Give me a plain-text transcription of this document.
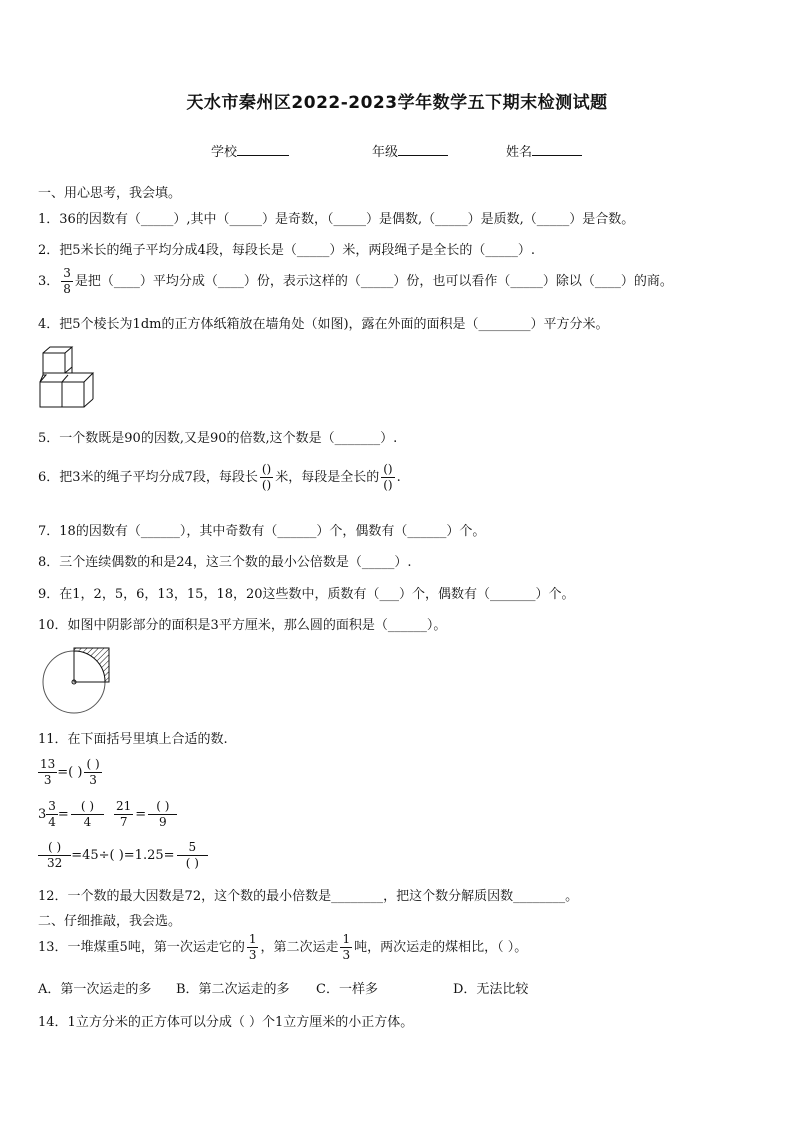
天水市秦州区2022-2023学年数学五下期末检测试题
学校	年级	姓名
一、用心思考，我会填。
1．36的因数有（_____）,其中（_____）是奇数，（_____）是偶数,（_____）是质数,（_____）是合数。
2．把5米长的绳子平均分成4段，每段长是（_____）米，两段绳子是全长的（_____）.
3． $\frac{3}{8}$ 是把（____）平均分成（____）份，表示这样的（_____）份，也可以看作（_____）除以（____）的商。
4．把5个棱长为1dm的正方体纸箱放在墙角处（如图)，露在外面的面积是（________）平方分米。
5．一个数既是90的因数,又是90的倍数,这个数是（_______）.
6．把3米的绳子平均分成7段，每段长 $\frac{()}{()}$ 米，每段是全长的 $\frac{()}{()}$ .
7．18的因数有（______），其中奇数有（______）个，偶数有（______）个。
8．三个连续偶数的和是24，这三个数的最小公倍数是（_____）.
9．在1，2，5，6，13，15，18，20这些数中，质数有（___）个，偶数有（_______）个。
10．如图中阴影部分的面积是3平方厘米，那么圆的面积是（______）。
11．在下面括号里填上合适的数.
$\frac{13}{3}$ =( ) $\frac{( )}{3}$
$3 \frac{3}{4} = \frac{( )}{4} \frac{21}{7} = \frac{( )}{9}$
$\frac{( )}{32} =45\div$( )$=1.25= \frac{5}{( )}$
12．一个数的最大因数是72，这个数的最小倍数是________，把这个数分解质因数________。
二、仔细推敲，我会选。
13．一堆煤重5吨，第一次运走它的 $\frac{1}{3}$ ，第二次运走 $\frac{1}{3}$ 吨，两次运走的煤相比，（ ）。
A．第一次运走的多 B．第二次运走的多 C．一样多	D．无法比较
14．1立方分米的正方体可以分成（ ）个1立方厘米的小正方体。
